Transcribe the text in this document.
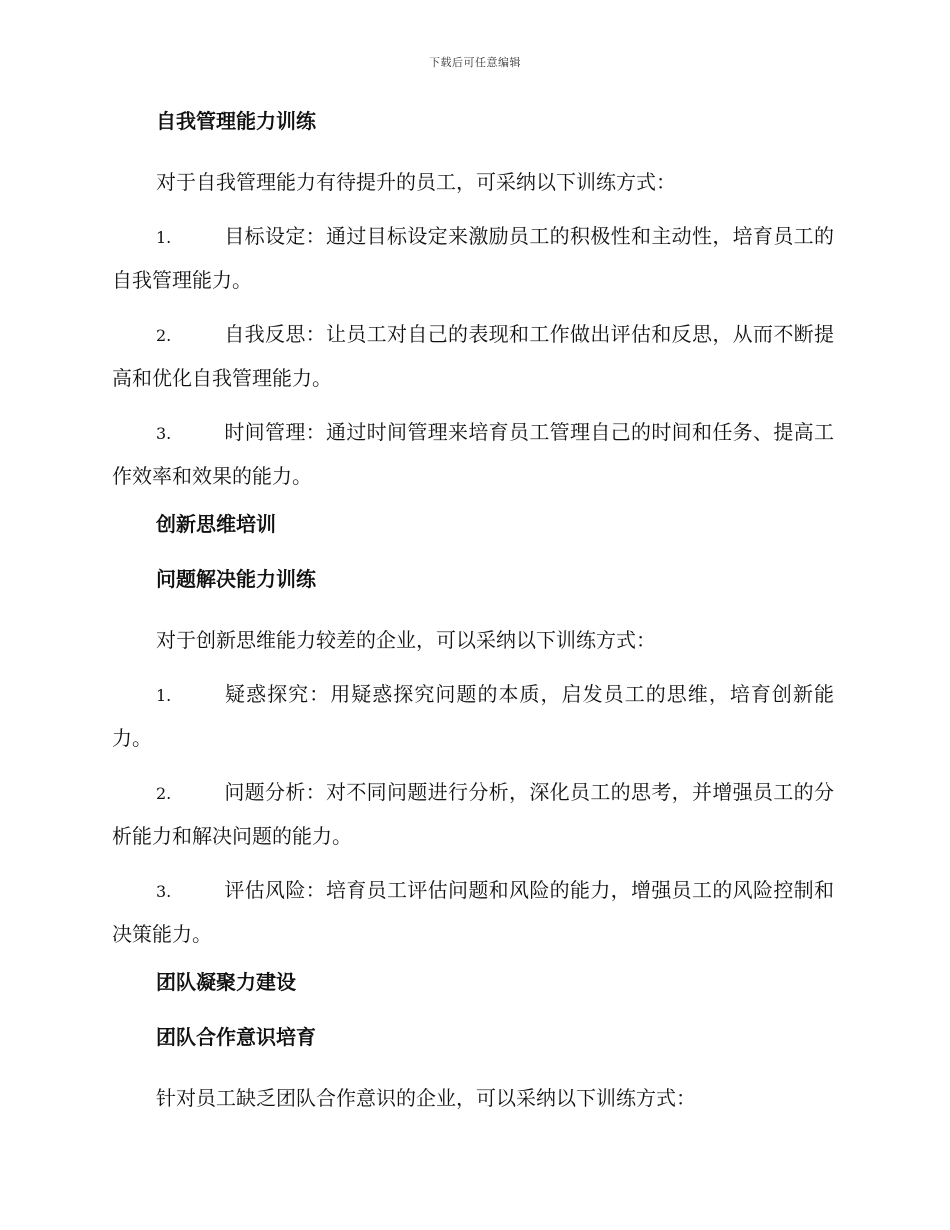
下载后可任意编辑
自我管理能力训练
对于自我管理能力有待提升的员工，可采纳以下训练方式：
1.	目标设定：通过目标设定来激励员工的积极性和主动性，培育员工的自我管理能力。
2.	自我反思：让员工对自己的表现和工作做出评估和反思，从而不断提高和优化自我管理能力。
3.	时间管理：通过时间管理来培育员工管理自己的时间和任务、提高工作效率和效果的能力。
创新思维培训
问题解决能力训练
对于创新思维能力较差的企业，可以采纳以下训练方式：
1.	疑惑探究：用疑惑探究问题的本质，启发员工的思维，培育创新能力。
2.	问题分析：对不同问题进行分析，深化员工的思考，并增强员工的分析能力和解决问题的能力。
3.	评估风险：培育员工评估问题和风险的能力，增强员工的风险控制和决策能力。
团队凝聚力建设
团队合作意识培育
针对员工缺乏团队合作意识的企业，可以采纳以下训练方式：
